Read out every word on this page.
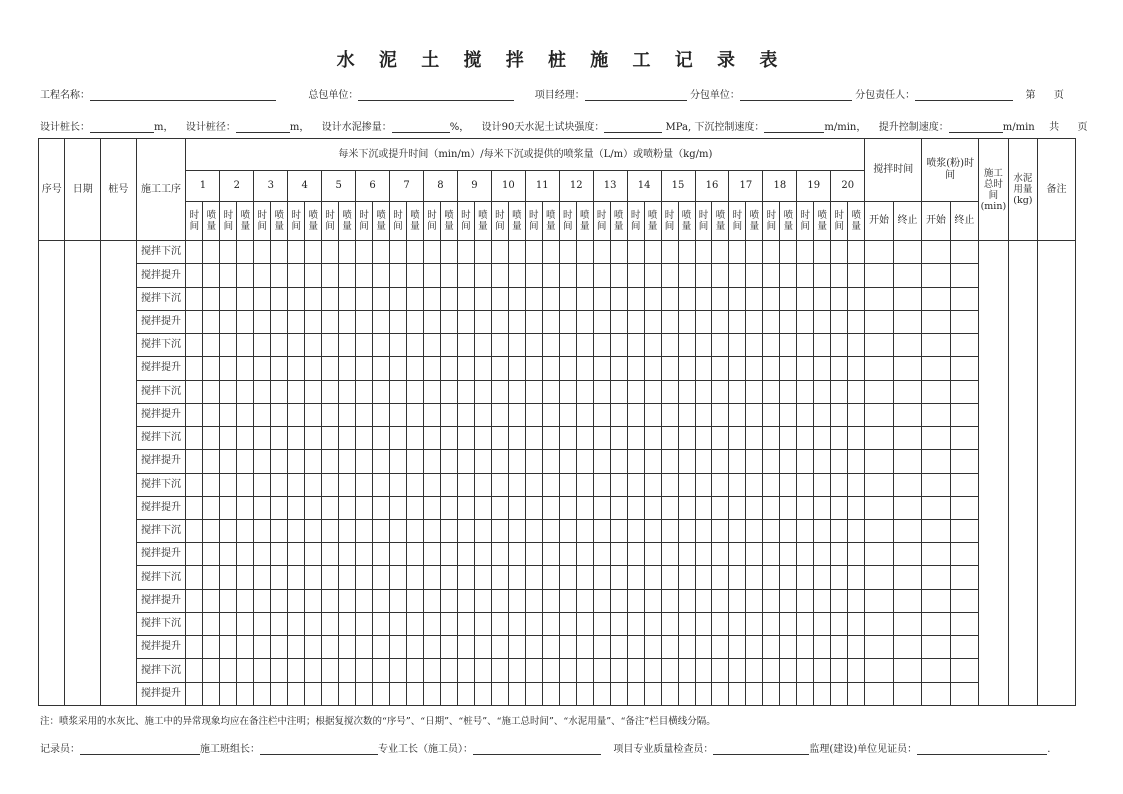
水 泥 土 搅 拌 桩 施 工 记 录 表
工程名称：	总包单位：	项目经理：	分包单位：	分包责任人：	第 页
设计桩长：	m， 设计桩径：	m， 设计水泥掺量：	%， 设计90天水泥土试块强度：	MPa, 下沉控制速度：	m/min， 提升控制速度：	m/min 共 页
序号	日期	桩号	施工工序	每米下沉或提升时间（min/m）/每米下沉或提供的喷浆量（L/m）或喷粉量（kg/m)																																								搅拌时间		喷浆(粉)时间		施工总时间(min)	水泥用量(kg)	备注
				1		2		3		4		5		6		7		8		9		10		11		12		13		14		15		16		17		18		19		20								
				时间	喷量	时间	喷量	时间	喷量	时间	喷量	时间	喷量	时间	喷量	时间	喷量	时间	喷量	时间	喷量	时间	喷量	时间	喷量	时间	喷量	时间	喷量	时间	喷量	时间	喷量	时间	喷量	时间	喷量	时间	喷量	时间	喷量	时间	喷量	开始	终止	开始	终止			
			搅拌下沉																																															
			搅拌提升																																															
			搅拌下沉																																															
			搅拌提升																																															
			搅拌下沉																																															
			搅拌提升																																															
			搅拌下沉																																															
			搅拌提升																																															
			搅拌下沉																																															
			搅拌提升																																															
			搅拌下沉																																															
			搅拌提升																																															
			搅拌下沉																																															
			搅拌提升																																															
			搅拌下沉																																															
			搅拌提升																																															
			搅拌下沉																																															
			搅拌提升																																															
			搅拌下沉																																															
			搅拌提升																																															
注：喷浆采用的水灰比、施工中的异常现象均应在备注栏中注明；根据复搅次数的“序号”、“日期”、“桩号”、“施工总时间”、“水泥用量”、“备注”栏目横线分隔。
记录员：	施工班组长：	专业工长（施工员）：	项目专业质量检查员：	监理(建设)单位见证员：	.
